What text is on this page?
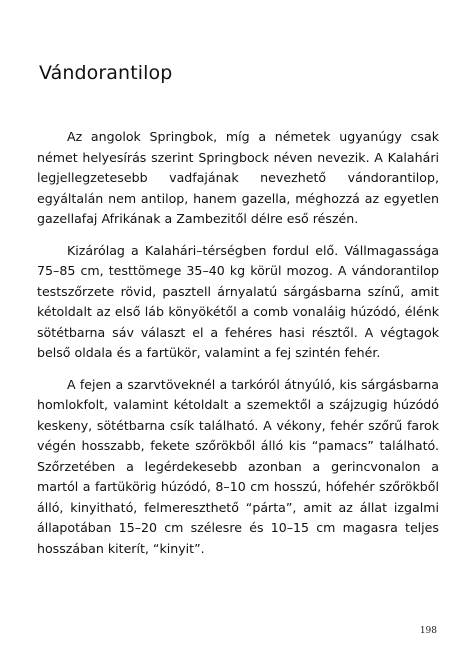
Vándorantilop

Az angolok Springbok, míg a németek ugyanúgy csak német helyesírás szerint Springbock néven nevezik. A Kalahári legjellegzetesebb vadfajának nevezhető vándorantilop, egyáltalán nem antilop, hanem gazella, méghozzá az egyetlen gazellafaj Afrikának a Zambezitől délre eső részén.

Kizárólag a Kalahári–térségben fordul elő. Vállmagassága 75–85 cm, testtömege 35–40 kg körül mozog. A vándorantilop testszőrzete rövid, pasztell árnyalatú sárgásbarna színű, amit kétoldalt az első láb könyökétől a comb vonaláig húzódó, élénk sötétbarna sáv választ el a fehéres hasi résztől. A végtagok belső oldala és a fartükör, valamint a fej szintén fehér.

A fejen a szarvtöveknél a tarkóról átnyúló, kis sárgásbarna homlokfolt, valamint kétoldalt a szemektől a szájzugig húzódó keskeny, sötétbarna csík található. A vékony, fehér szőrű farok végén hosszabb, fekete szőrökből álló kis “pamacs” található. Szőrzetében a legérdekesebb azonban a gerincvonalon a martól a fartükörig húzódó, 8–10 cm hosszú, hófehér szőrökből álló, kinyitható, felmereszthető “párta”, amit az állat izgalmi állapotában 15–20 cm szélesre és 10–15 cm magasra teljes hosszában kiterít, “kinyit”.

198
